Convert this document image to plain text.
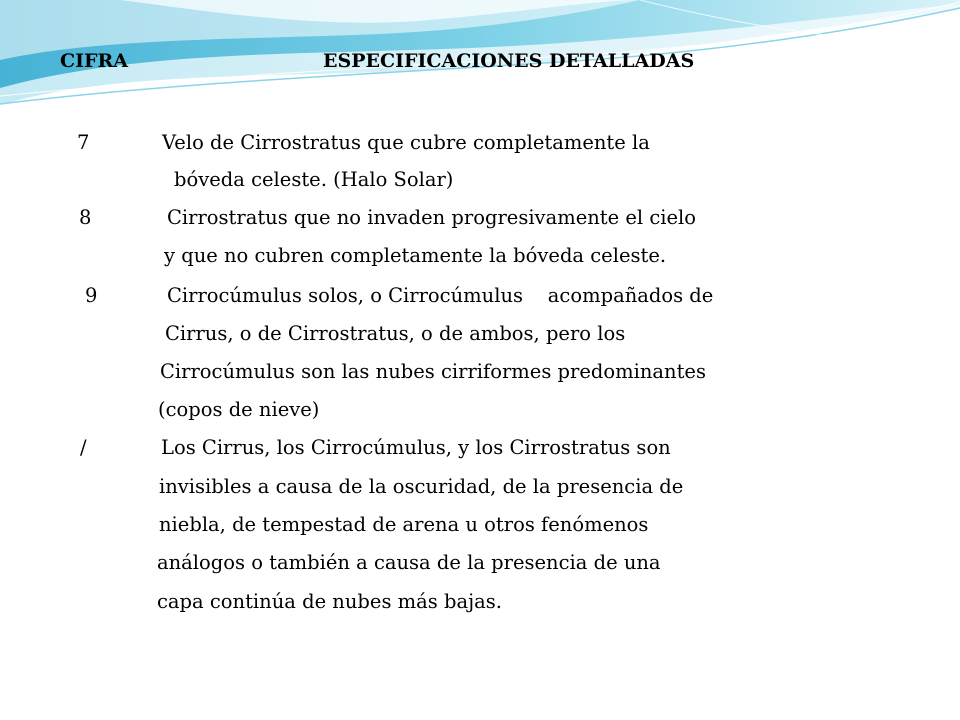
CIFRA	ESPECIFICACIONES DETALLADAS
7	Velo de Cirrostratus que cubre completamente la
bóveda celeste. (Halo Solar)
8	Cirrostratus que no invaden progresivamente el cielo
y que no cubren completamente la bóveda celeste.
9	Cirrocúmulus solos, o Cirrocúmulus    acompañados de
Cirrus, o de Cirrostratus, o de ambos, pero los
Cirrocúmulus son las nubes cirriformes predominantes
(copos de nieve)
/	Los Cirrus, los Cirrocúmulus, y los Cirrostratus son
invisibles a causa de la oscuridad, de la presencia de
niebla, de tempestad de arena u otros fenómenos
análogos o también a causa de la presencia de una
capa continúa de nubes más bajas.
